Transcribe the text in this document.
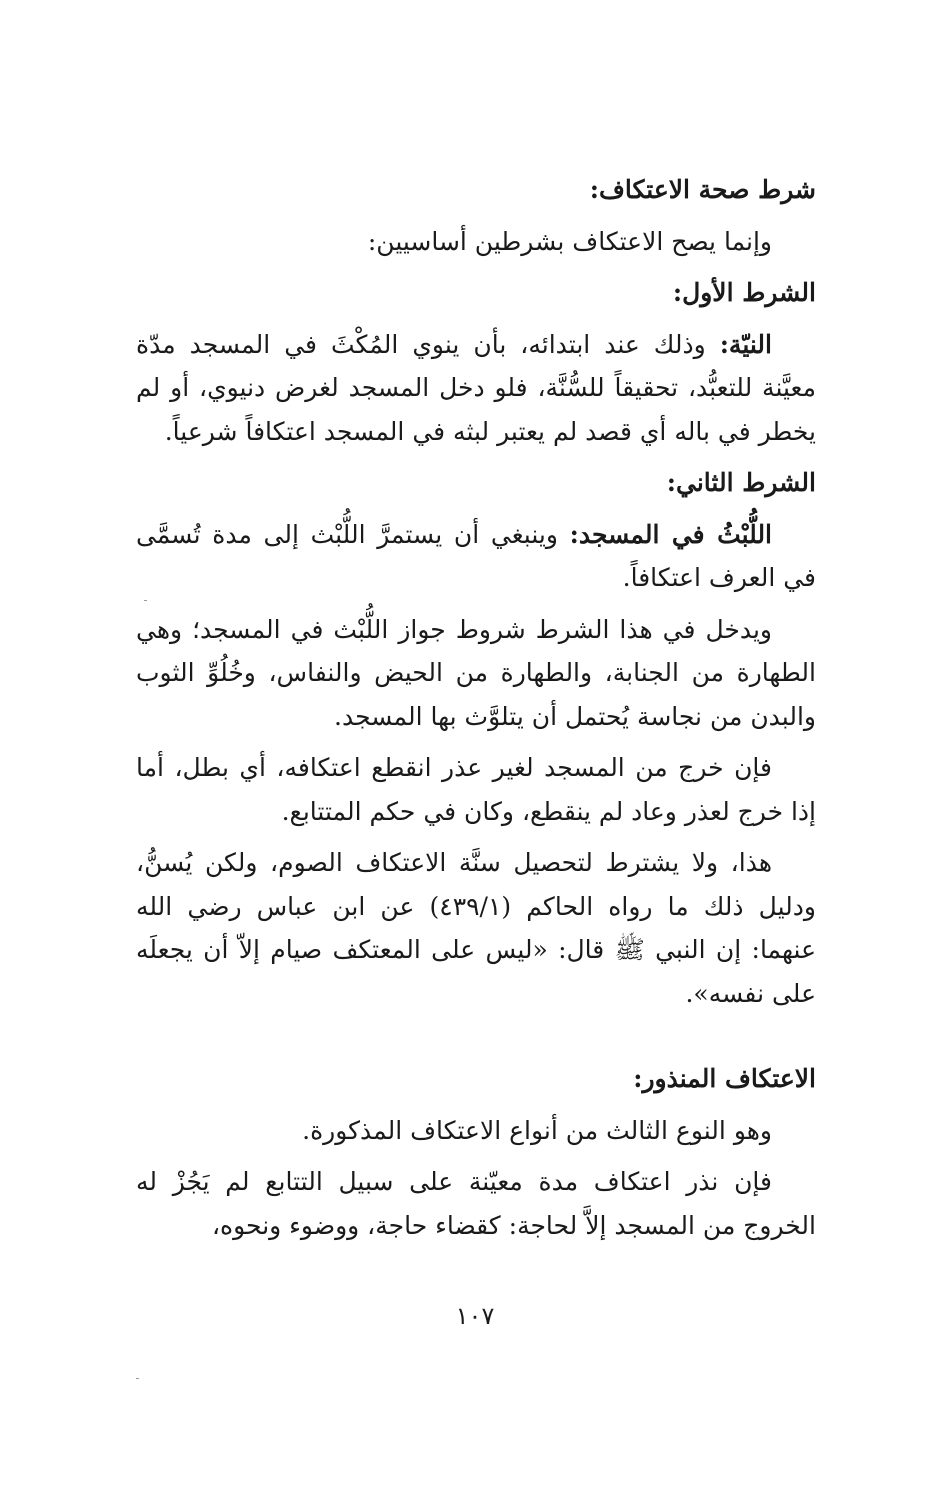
شرط صحة الاعتكاف:

وإنما يصح الاعتكاف بشرطين أساسيين:

الشرط الأول:

النيّة: وذلك عند ابتدائه، بأن ينوي المُكْثَ في المسجد مدّة معيَّنة للتعبُّد، تحقيقاً للسُّنَّة، فلو دخل المسجد لغرض دنيوي، أو لم يخطر في باله أي قصد لم يعتبر لبثه في المسجد اعتكافاً شرعياً.

الشرط الثاني:

اللُّبْثُ في المسجد: وينبغي أن يستمرَّ اللُّبْث إلى مدة تُسمَّى في العرف اعتكافاً.

ويدخل في هذا الشرط شروط جواز اللُّبْث في المسجد؛ وهي الطهارة من الجنابة، والطهارة من الحيض والنفاس، وخُلُوِّ الثوب والبدن من نجاسة يُحتمل أن يتلوَّث بها المسجد.

فإن خرج من المسجد لغير عذر انقطع اعتكافه، أي بطل، أما إذا خرج لعذر وعاد لم ينقطع، وكان في حكم المتتابع.

هذا، ولا يشترط لتحصيل سنَّة الاعتكاف الصوم، ولكن يُسنُّ، ودليل ذلك ما رواه الحاكم (٤٣٩/١) عن ابن عباس رضي الله عنهما: إن النبي ﷺ قال: «ليس على المعتكف صيام إلاّ أن يجعلَه على نفسه».

الاعتكاف المنذور:

وهو النوع الثالث من أنواع الاعتكاف المذكورة.

فإن نذر اعتكاف مدة معيّنة على سبيل التتابع لم يَجُزْ له الخروج من المسجد إلاَّ لحاجة: كقضاء حاجة، ووضوء ونحوه،

١٠٧
